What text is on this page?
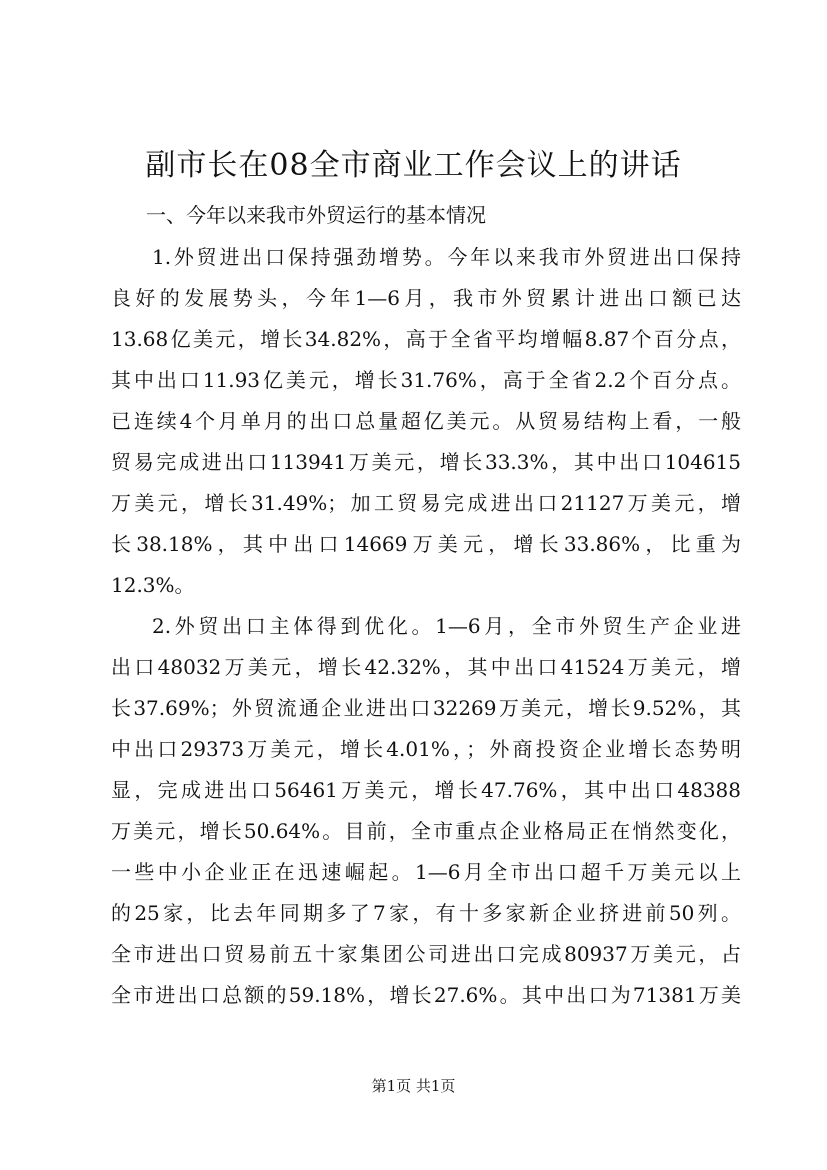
副市长在08全市商业工作会议上的讲话
一、今年以来我市外贸运行的基本情况
1.外贸进出口保持强劲增势。今年以来我市外贸进出口保持
良好的发展势头，今年1—6月，我市外贸累计进出口额已达
13.68亿美元，增长34.82%，高于全省平均增幅8.87个百分点，
其中出口11.93亿美元，增长31.76%，高于全省2.2个百分点。
已连续4个月单月的出口总量超亿美元。从贸易结构上看，一般
贸易完成进出口113941万美元，增长33.3%，其中出口104615
万美元，增长31.49%；加工贸易完成进出口21127万美元，增
长38.18%，其中出口14669万美元，增长33.86%，比重为
12.3%。
2.外贸出口主体得到优化。1—6月，全市外贸生产企业进
出口48032万美元，增长42.32%，其中出口41524万美元，增
长37.69%；外贸流通企业进出口32269万美元，增长9.52%，其
中出口29373万美元，增长4.01%，；外商投资企业增长态势明
显，完成进出口56461万美元，增长47.76%，其中出口48388
万美元，增长50.64%。目前，全市重点企业格局正在悄然变化，
一些中小企业正在迅速崛起。1—6月全市出口超千万美元以上
的25家，比去年同期多了7家，有十多家新企业挤进前50列。
全市进出口贸易前五十家集团公司进出口完成80937万美元，占
全市进出口总额的59.18%，增长27.6%。其中出口为71381万美
第1页 共1页
